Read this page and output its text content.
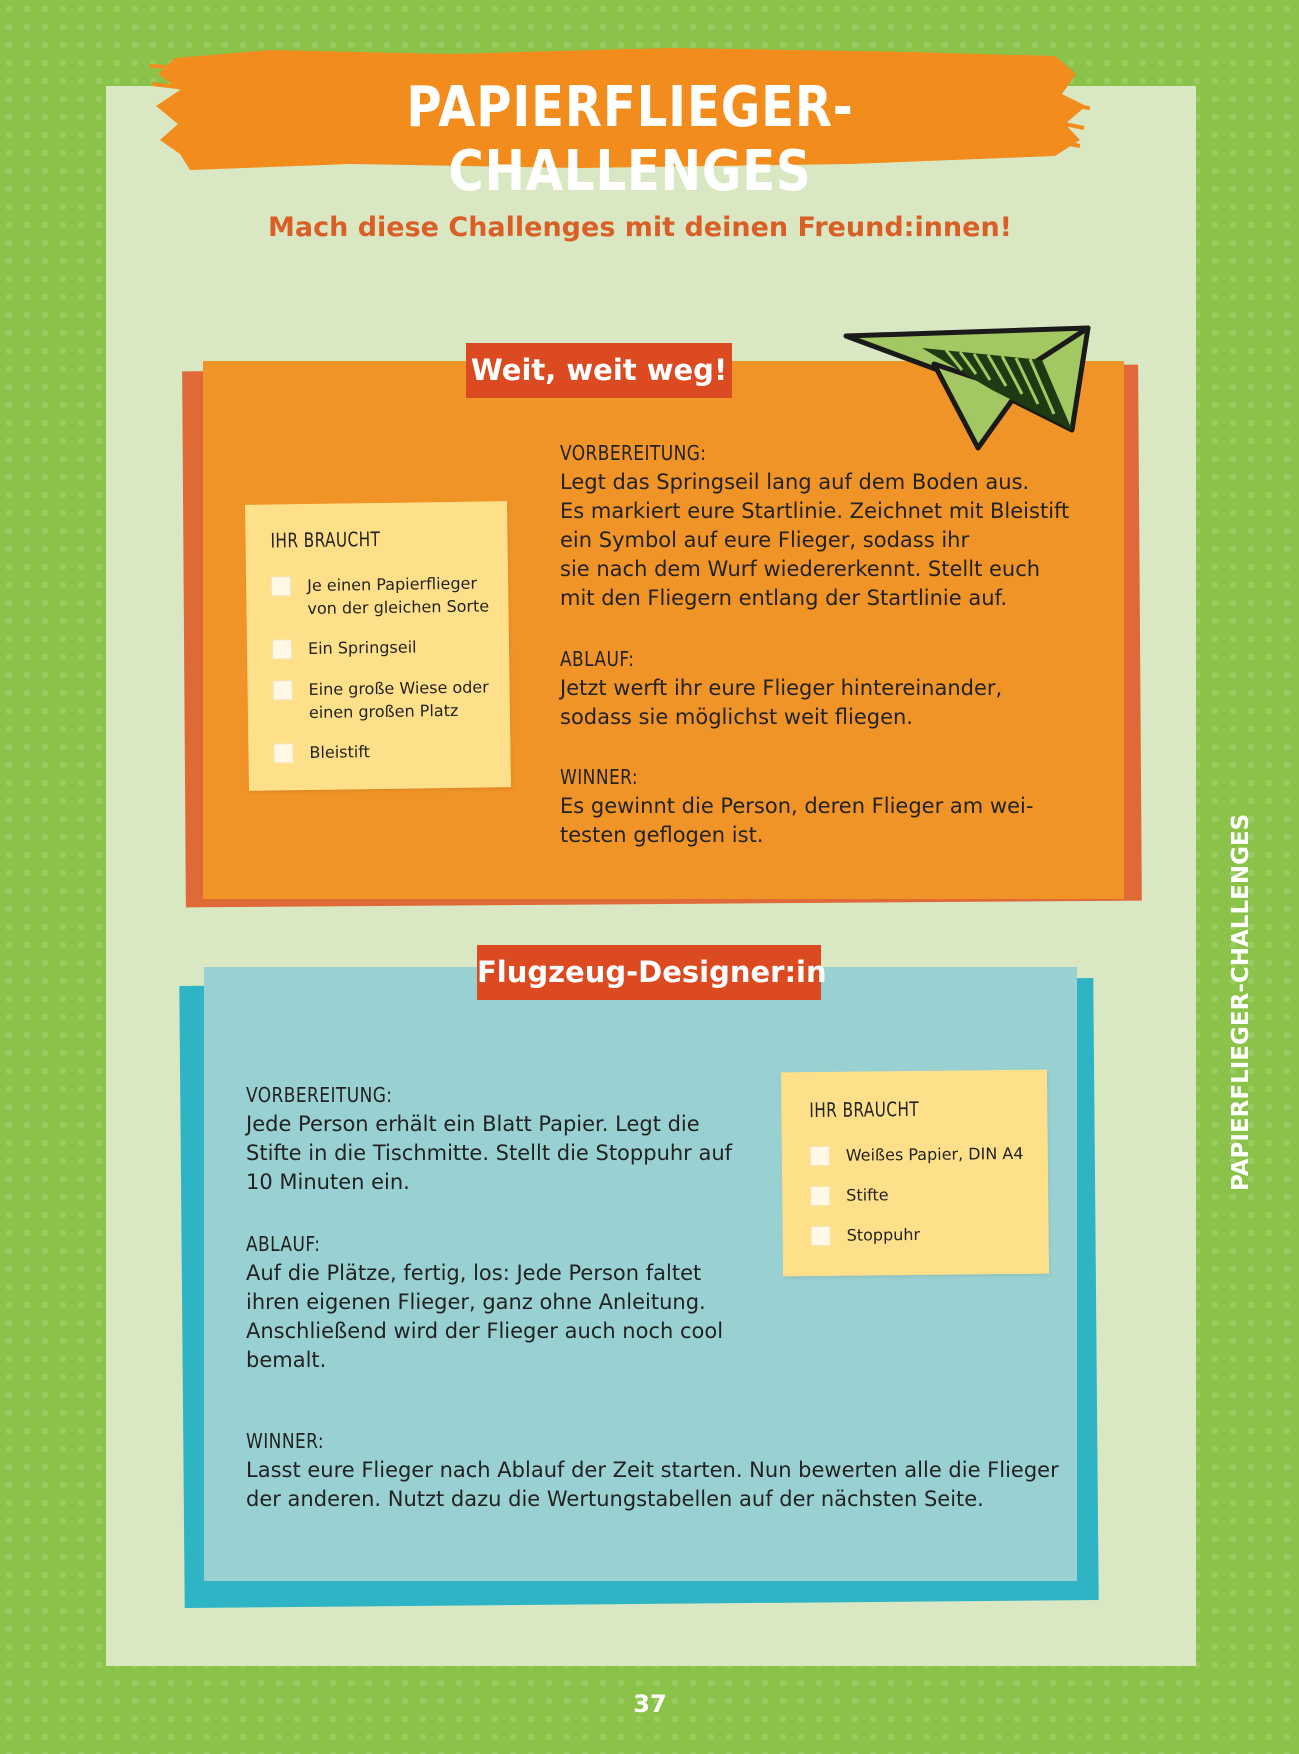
PAPIERFLIEGER-CHALLENGES
Mach diese Challenges mit deinen Freund:innen!
Weit, weit weg!
IHR BRAUCHT
Je einen Papierflieger von der gleichen Sorte
Ein Springseil
Eine große Wiese oder einen großen Platz
Bleistift
VORBEREITUNG:
Legt das Springseil lang auf dem Boden aus.
Es markiert eure Startlinie. Zeichnet mit Bleistift
ein Symbol auf eure Flieger, sodass ihr
sie nach dem Wurf wiedererkennt. Stellt euch
mit den Fliegern entlang der Startlinie auf.
ABLAUF:
Jetzt werft ihr eure Flieger hintereinander,
sodass sie möglichst weit fliegen.
WINNER:
Es gewinnt die Person, deren Flieger am wei-
testen geflogen ist.
Flugzeug-Designer:in
IHR BRAUCHT
Weißes Papier, DIN A4
Stifte
Stoppuhr
VORBEREITUNG:
Jede Person erhält ein Blatt Papier. Legt die
Stifte in die Tischmitte. Stellt die Stoppuhr auf
10 Minuten ein.
ABLAUF:
Auf die Plätze, fertig, los: Jede Person faltet
ihren eigenen Flieger, ganz ohne Anleitung.
Anschließend wird der Flieger auch noch cool
bemalt.
WINNER:
Lasst eure Flieger nach Ablauf der Zeit starten. Nun bewerten alle die Flieger
der anderen. Nutzt dazu die Wertungstabellen auf der nächsten Seite.
PAPIERFLIEGER-CHALLENGES
37
